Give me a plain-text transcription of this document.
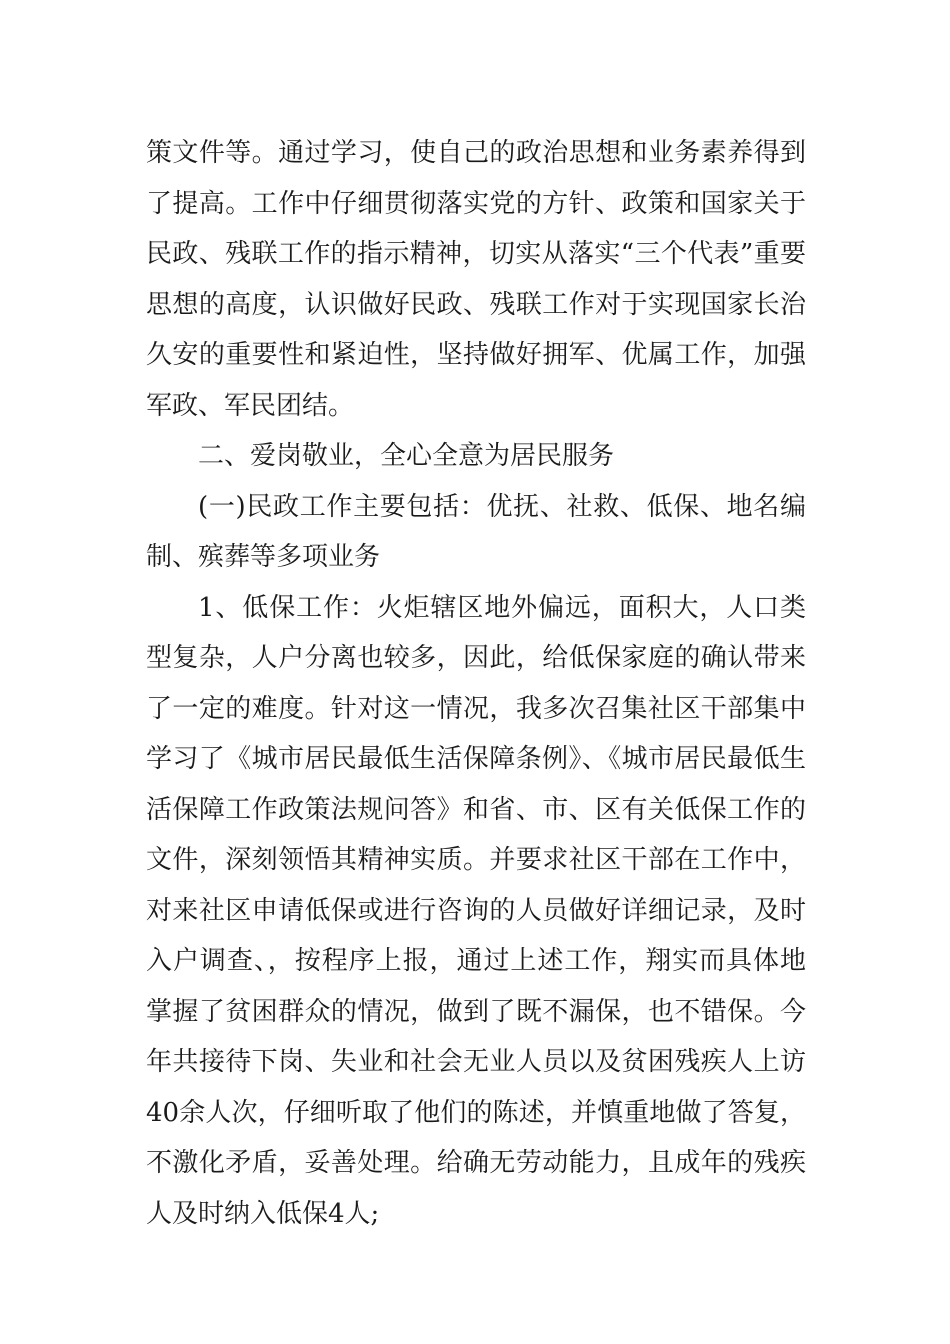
策文件等。通过学习，使自己的政治思想和业务素养得到了提高。工作中仔细贯彻落实党的方针、政策和国家关于民政、残联工作的指示精神，切实从落实“三个代表”重要思想的高度，认识做好民政、残联工作对于实现国家长治久安的重要性和紧迫性，坚持做好拥军、优属工作，加强军政、军民团结。

二、爱岗敬业，全心全意为居民服务

(一)民政工作主要包括：优抚、社救、低保、地名编制、殡葬等多项业务

1、低保工作：火炬辖区地外偏远，面积大，人口类型复杂，人户分离也较多，因此，给低保家庭的确认带来了一定的难度。针对这一情况，我多次召集社区干部集中学习了《城市居民最低生活保障条例》、《城市居民最低生活保障工作政策法规问答》和省、市、区有关低保工作的文件，深刻领悟其精神实质。并要求社区干部在工作中，对来社区申请低保或进行咨询的人员做好详细记录，及时入户调查、，按程序上报，通过上述工作，翔实而具体地掌握了贫困群众的情况，做到了既不漏保，也不错保。今年共接待下岗、失业和社会无业人员以及贫困残疾人上访40余人次，仔细听取了他们的陈述，并慎重地做了答复，不激化矛盾，妥善处理。给确无劳动能力，且成年的残疾人及时纳入低保4人;
